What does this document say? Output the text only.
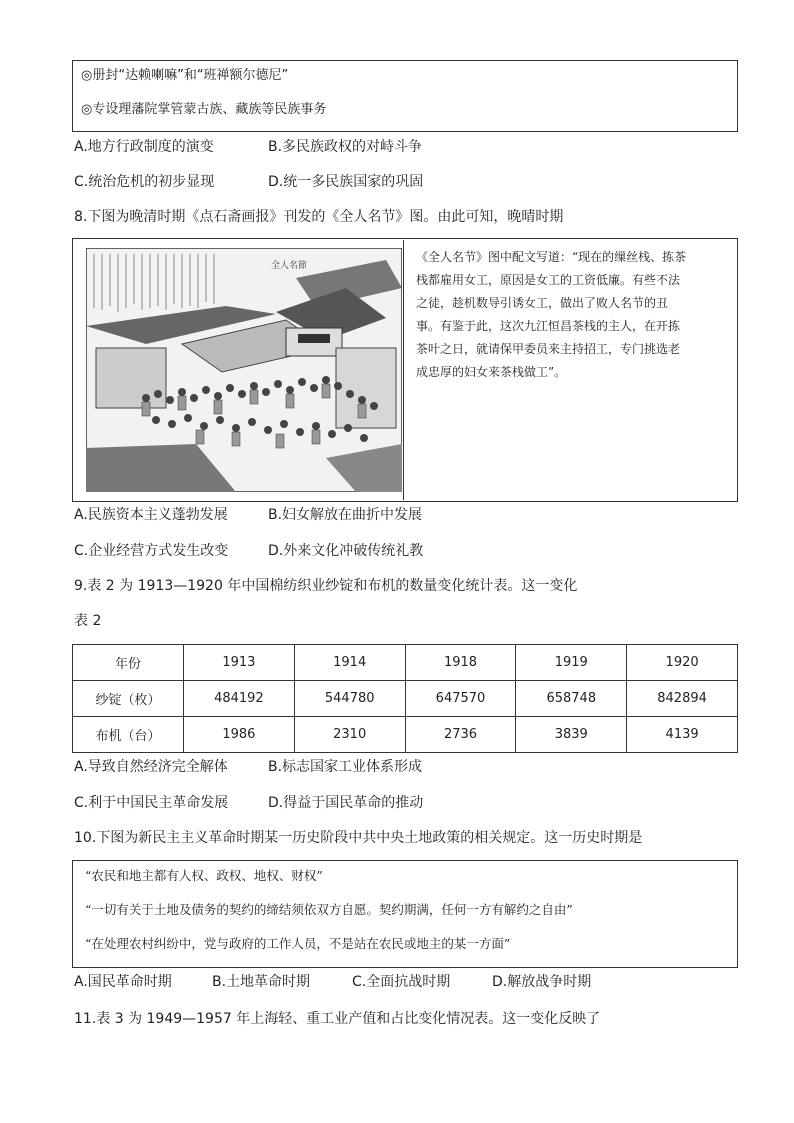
◎册封“达赖喇嘛”和“班禅额尔德尼”
◎专设理藩院掌管蒙古族、藏族等民族事务
A.地方行政制度的演变	B.多民族政权的对峙斗争
C.统治危机的初步显现	D.统一多民族国家的巩固
8.下图为晚清时期《点石斋画报》刊发的《全人名节》图。由此可知，晚晴时期
全人名節
《全人名节》图中配文写道：“现在的缫丝栈、拣茶
栈都雇用女工，原因是女工的工资低廉。有些不法
之徒，趁机数导引诱女工，做出了败人名节的丑
事。有鉴于此，这次九江恒昌茶栈的主人，在开拣
茶叶之日，就请保甲委员来主持招工，专门挑选老
成忠厚的妇女来茶栈做工”。
A.民族资本主义蓬勃发展	B.妇女解放在曲折中发展
C.企业经营方式发生改变	D.外来文化冲破传统礼教
9.表 2 为 1913—1920 年中国棉纺织业纱锭和布机的数量变化统计表。这一变化
表 2
年份	1913	1914	1918	1919	1920
纱锭（枚）	484192	544780	647570	658748	842894
布机（台）	1986	2310	2736	3839	4139
A.导致自然经济完全解体	B.标志国家工业体系形成
C.利于中国民主革命发展	D.得益于国民革命的推动
10.下图为新民主主义革命时期某一历史阶段中共中央土地政策的相关规定。这一历史时期是
“农民和地主都有人权、政权、地权、财权”
“一切有关于土地及债务的契约的缔结须依双方自愿。契约期满，任何一方有解约之自由”
“在处理农村纠纷中，党与政府的工作人员，不是站在农民或地主的某一方面”
A.国民革命时期	B.土地革命时期	C.全面抗战时期	D.解放战争时期
11.表 3 为 1949—1957 年上海轻、重工业产值和占比变化情况表。这一变化反映了
